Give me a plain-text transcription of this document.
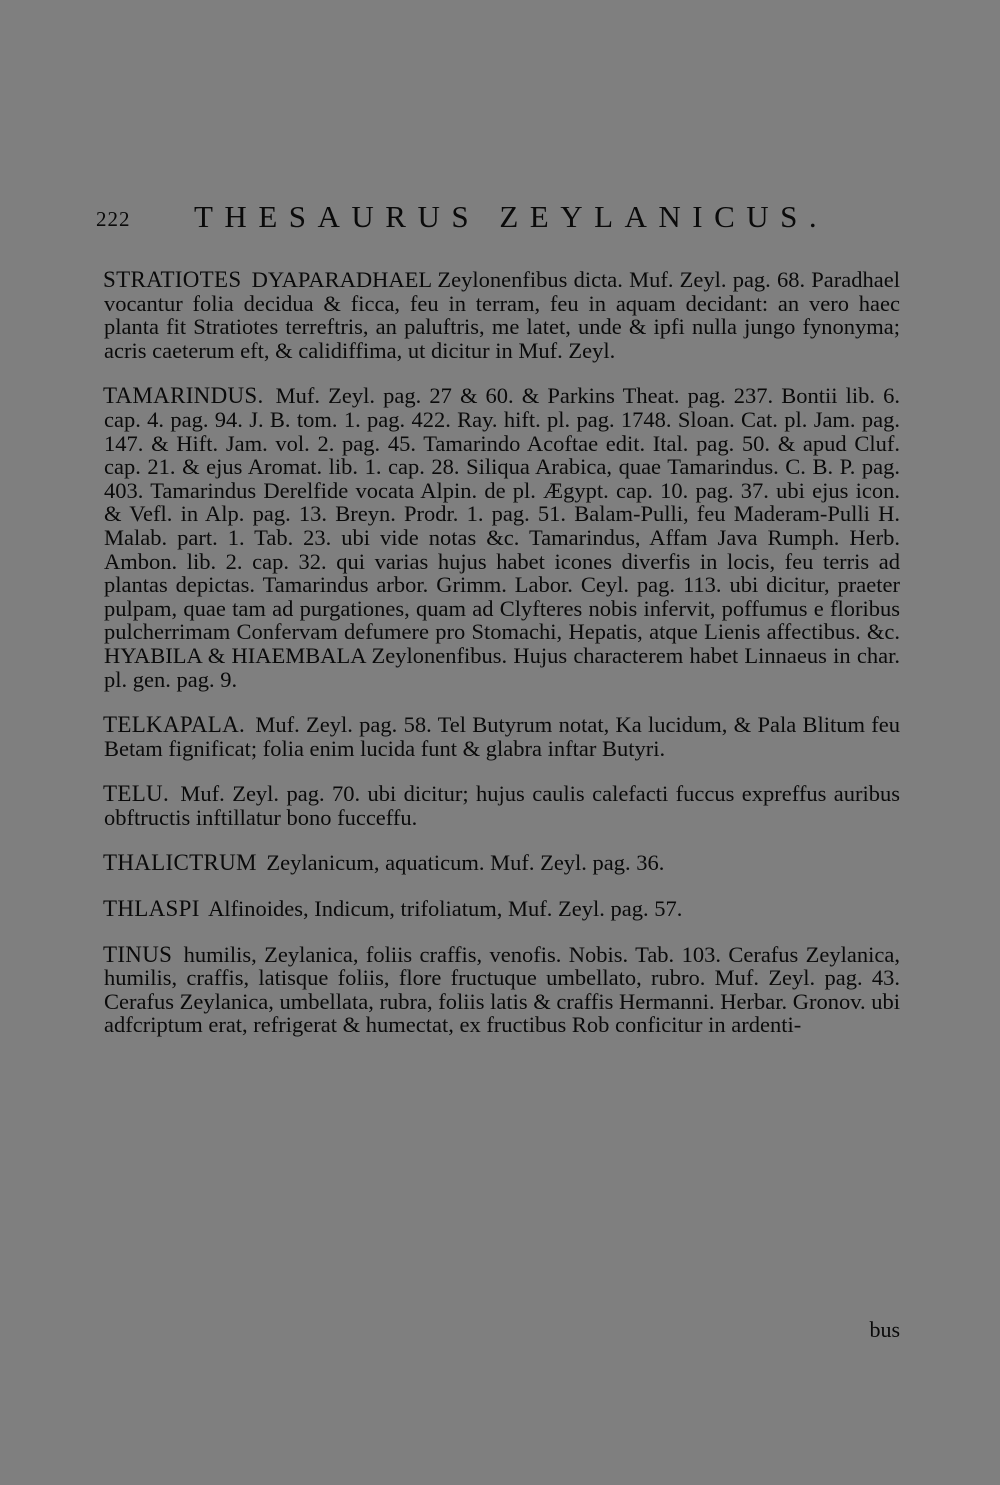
222 THESAURUS ZEYLANICUS.

STRATIOTES DYAPARADHAEL Zeylonenfibus dicta. Muf. Zeyl. pag. 68. Paradhael vocantur folia decidua & ficca, feu in terram, feu in aquam decidant: an vero haec planta fit Stratiotes terreftris, an paluftris, me latet, unde & ipfi nulla jungo fynonyma; acris caeterum eft, & calidiffima, ut dicitur in Muf. Zeyl.

TAMARINDUS. Muf. Zeyl. pag. 27 & 60. & Parkins Theat. pag. 237. Bontii lib. 6. cap. 4. pag. 94. J. B. tom. 1. pag. 422. Ray. hift. pl. pag. 1748. Sloan. Cat. pl. Jam. pag. 147. & Hift. Jam. vol. 2. pag. 45. Tamarindo Acoftae edit. Ital. pag. 50. & apud Cluf. cap. 21. & ejus Aromat. lib. 1. cap. 28. Siliqua Arabica, quae Tamarindus. C. B. P. pag. 403. Tamarindus Derelfide vocata Alpin. de pl. Ægypt. cap. 10. pag. 37. ubi ejus icon. & Vefl. in Alp. pag. 13. Breyn. Prodr. 1. pag. 51. Balam-Pulli, feu Maderam-Pulli H. Malab. part. 1. Tab. 23. ubi vide notas &c. Tamarindus, Affam Java Rumph. Herb. Ambon. lib. 2. cap. 32. qui varias hujus habet icones diverfis in locis, feu terris ad plantas depictas. Tamarindus arbor. Grimm. Labor. Ceyl. pag. 113. ubi dicitur, praeter pulpam, quae tam ad purgationes, quam ad Clyfteres nobis infervit, poffumus e floribus pulcherrimam Confervam defumere pro Stomachi, Hepatis, atque Lienis affectibus. &c. HYABILA & HIAEMBALA Zeylonenfibus. Hujus characterem habet Linnaeus in char. pl. gen. pag. 9.

TELKAPALA. Muf. Zeyl. pag. 58. Tel Butyrum notat, Ka lucidum, & Pala Blitum feu Betam fignificat; folia enim lucida funt & glabra inftar Butyri.

TELU. Muf. Zeyl. pag. 70. ubi dicitur; hujus caulis calefacti fuccus expreffus auribus obftructis inftillatur bono fucceffu.

THALICTRUM Zeylanicum, aquaticum. Muf. Zeyl. pag. 36.

THLASPI Alfinoides, Indicum, trifoliatum, Muf. Zeyl. pag. 57.

TINUS humilis, Zeylanica, foliis craffis, venofis. Nobis. Tab. 103. Cerafus Zeylanica, humilis, craffis, latisque foliis, flore fructuque umbellato, rubro. Muf. Zeyl. pag. 43. Cerafus Zeylanica, umbellata, rubra, foliis latis & craffis Hermanni. Herbar. Gronov. ubi adfcriptum erat, refrigerat & humectat, ex fructibus Rob conficitur in ardenti-

bus
